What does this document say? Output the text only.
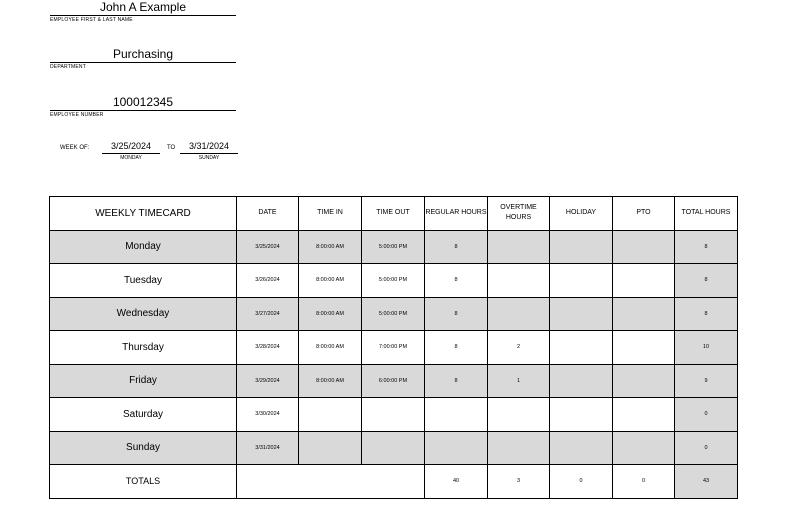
John A Example
EMPLOYEE FIRST & LAST NAME
Purchasing
DEPARTMENT
100012345
EMPLOYEE NUMBER
WEEK OF:	3/25/2024
MONDAY
TO	3/31/2024
SUNDAY
WEEKLY TIMECARD	DATE	TIME IN	TIME OUT	REGULAR HOURS	OVERTIME HOURS	HOLIDAY	PTO	TOTAL HOURS
Monday	3/25/2024	8:00:00 AM	5:00:00 PM	8				8
Tuesday	3/26/2024	8:00:00 AM	5:00:00 PM	8				8
Wednesday	3/27/2024	8:00:00 AM	5:00:00 PM	8				8
Thursday	3/28/2024	8:00:00 AM	7:00:00 PM	8	2			10
Friday	3/29/2024	8:00:00 AM	6:00:00 PM	8	1			9
Saturday	3/30/2024							0
Sunday	3/31/2024							0
TOTALS				40	3	0	0	43
